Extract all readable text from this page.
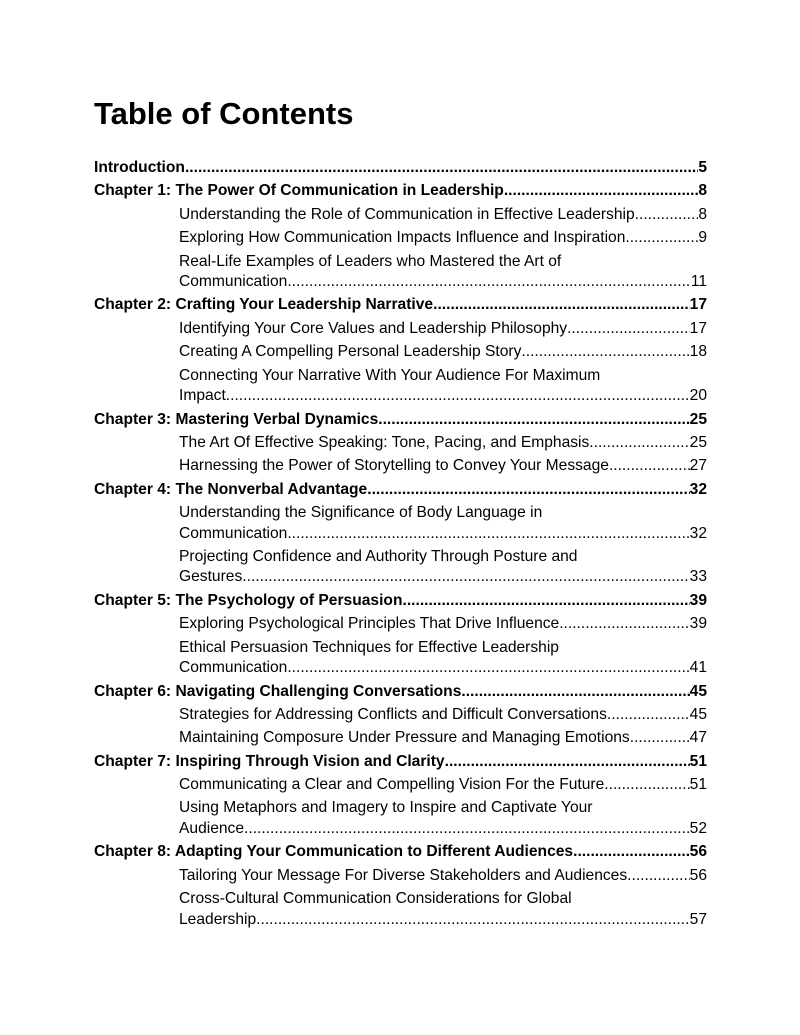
Table of Contents
Introduction .....	5
Chapter 1: The Power Of Communication in Leadership .....	8
Understanding the Role of Communication in Effective Leadership .....	8
Exploring How Communication Impacts Influence and Inspiration .....	9
Real-Life Examples of Leaders who Mastered the Art of
Communication .....	11
Chapter 2: Crafting Your Leadership Narrative .....	17
Identifying Your Core Values and Leadership Philosophy .....	17
Creating A Compelling Personal Leadership Story .....	18
Connecting Your Narrative With Your Audience For Maximum
Impact .....	20
Chapter 3: Mastering Verbal Dynamics .....	25
The Art Of Effective Speaking: Tone, Pacing, and Emphasis .....	25
Harnessing the Power of Storytelling to Convey Your Message .....	27
Chapter 4: The Nonverbal Advantage .....	32
Understanding the Significance of Body Language in
Communication .....	32
Projecting Confidence and Authority Through Posture and
Gestures .....	33
Chapter 5: The Psychology of Persuasion .....	39
Exploring Psychological Principles That Drive Influence .....	39
Ethical Persuasion Techniques for Effective Leadership
Communication .....	41
Chapter 6: Navigating Challenging Conversations .....	45
Strategies for Addressing Conflicts and Difficult Conversations .....	45
Maintaining Composure Under Pressure and Managing Emotions .....	47
Chapter 7: Inspiring Through Vision and Clarity .....	51
Communicating a Clear and Compelling Vision For the Future .....	51
Using Metaphors and Imagery to Inspire and Captivate Your
Audience .....	52
Chapter 8: Adapting Your Communication to Different Audiences .....	56
Tailoring Your Message For Diverse Stakeholders and Audiences .....	56
Cross-Cultural Communication Considerations for Global
Leadership .....	57
